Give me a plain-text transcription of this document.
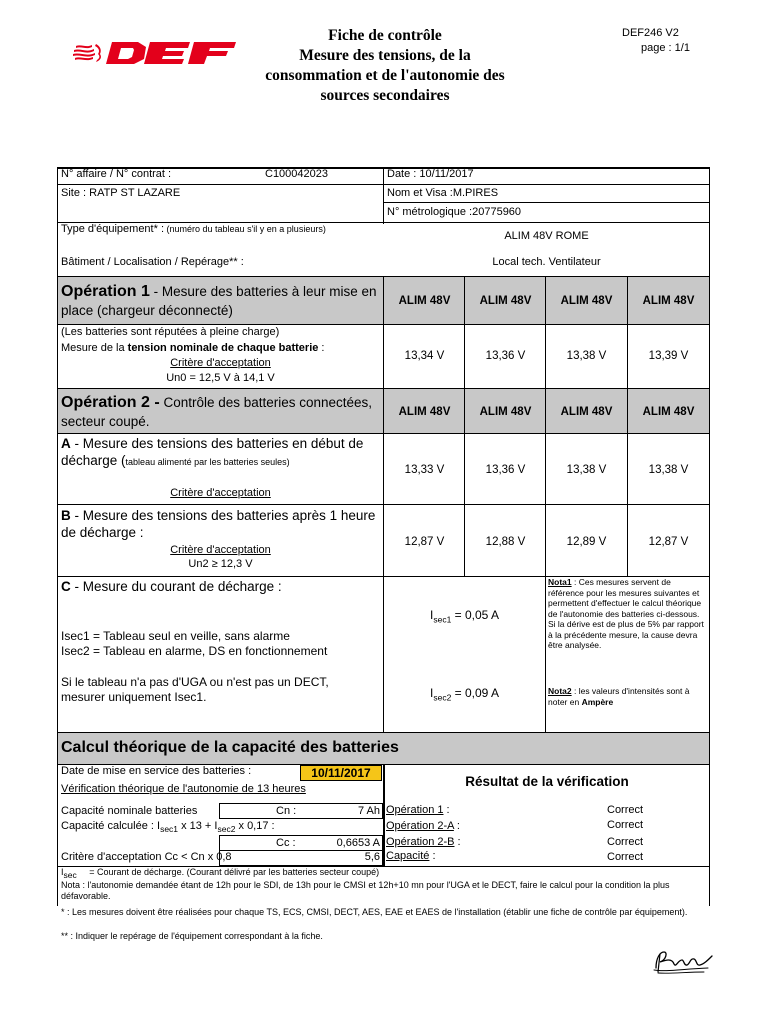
Fiche de contrôle
Mesure des tensions, de la
consommation et de l'autonomie des
sources secondaires
DEF246 V2
page : 1/1
N° affaire / N° contrat :	C100042023	Date : 10/11/2017
Site : RATP ST LAZARE	Nom et Visa :M.PIRES
N° métrologique :20775960
Type d'équipement* : (numéro du tableau s'il y en a plusieurs)
ALIM 48V ROME
Bâtiment / Localisation / Repérage** :	Local tech. Ventilateur
Opération 1 - Mesure des batteries à leur mise en place (chargeur déconnecté)
ALIM 48V	ALIM 48V	ALIM 48V	ALIM 48V
(Les batteries sont réputées à pleine charge)
Mesure de la tension nominale de chaque batterie :
Critère d'acceptation
Un0 = 12,5 V à 14,1 V
13,34 V	13,36 V	13,38 V	13,39 V
Opération 2 - Contrôle des batteries connectées, secteur coupé.
ALIM 48V	ALIM 48V	ALIM 48V	ALIM 48V
A - Mesure des tensions des batteries en début de décharge (tableau alimenté par les batteries seules)
Critère d'acceptation
13,33 V	13,36 V	13,38 V	13,38 V
B - Mesure des tensions des batteries après 1 heure de décharge :
Critère d'acceptation
Un2 ≥ 12,3 V
12,87 V	12,88 V	12,89 V	12,87 V
C - Mesure du courant de décharge :
Isec1 = Tableau seul en veille, sans alarme
Isec2 = Tableau en alarme, DS en fonctionnement
Si le tableau n'a pas d'UGA ou n'est pas un DECT, mesurer uniquement Isec1.
$I_{sec1} = 0,05$ A
$I_{sec2} = 0,09$ A
Nota1 : Ces mesures servent de référence pour les mesures suivantes et permettent d'effectuer le calcul théorique de l'autonomie des batteries ci-dessous. Si la dérive est de plus de 5% par rapport à la précédente mesure, la cause devra être analysée.
Nota2 : les valeurs d'intensités sont à noter en Ampère
Calcul théorique de la capacité des batteries
Date de mise en service des batteries :	10/11/2017
Vérification théorique de l'autonomie de 13 heures
Capacité nominale batteries	Cn :	7 Ah
Capacité calculée : $I_{sec1}$ x $13 + I_{sec2}$ x 0,17 :
Cc :	0,6653 A
Critère d'acceptation Cc < Cn x 0,8	5,6
Résultat de la vérification
Opération 1 :	Correct
Opération 2-A :	Correct
Opération 2-B :	Correct
Capacité :	Correct
$I_{sec}$     = Courant de décharge. (Courant délivré par les batteries secteur coupé)
Nota : l'autonomie demandée étant de 12h pour le SDI, de 13h pour le CMSI et 12h+10 mn pour l'UGA et le DECT, faire le calcul pour la condition la plus défavorable.
* : Les mesures doivent être réalisées pour chaque TS, ECS, CMSI, DECT, AES, EAE et EAES de l'installation (établir une fiche de contrôle par équipement).
** : Indiquer le repérage de l'équipement correspondant à la fiche.
